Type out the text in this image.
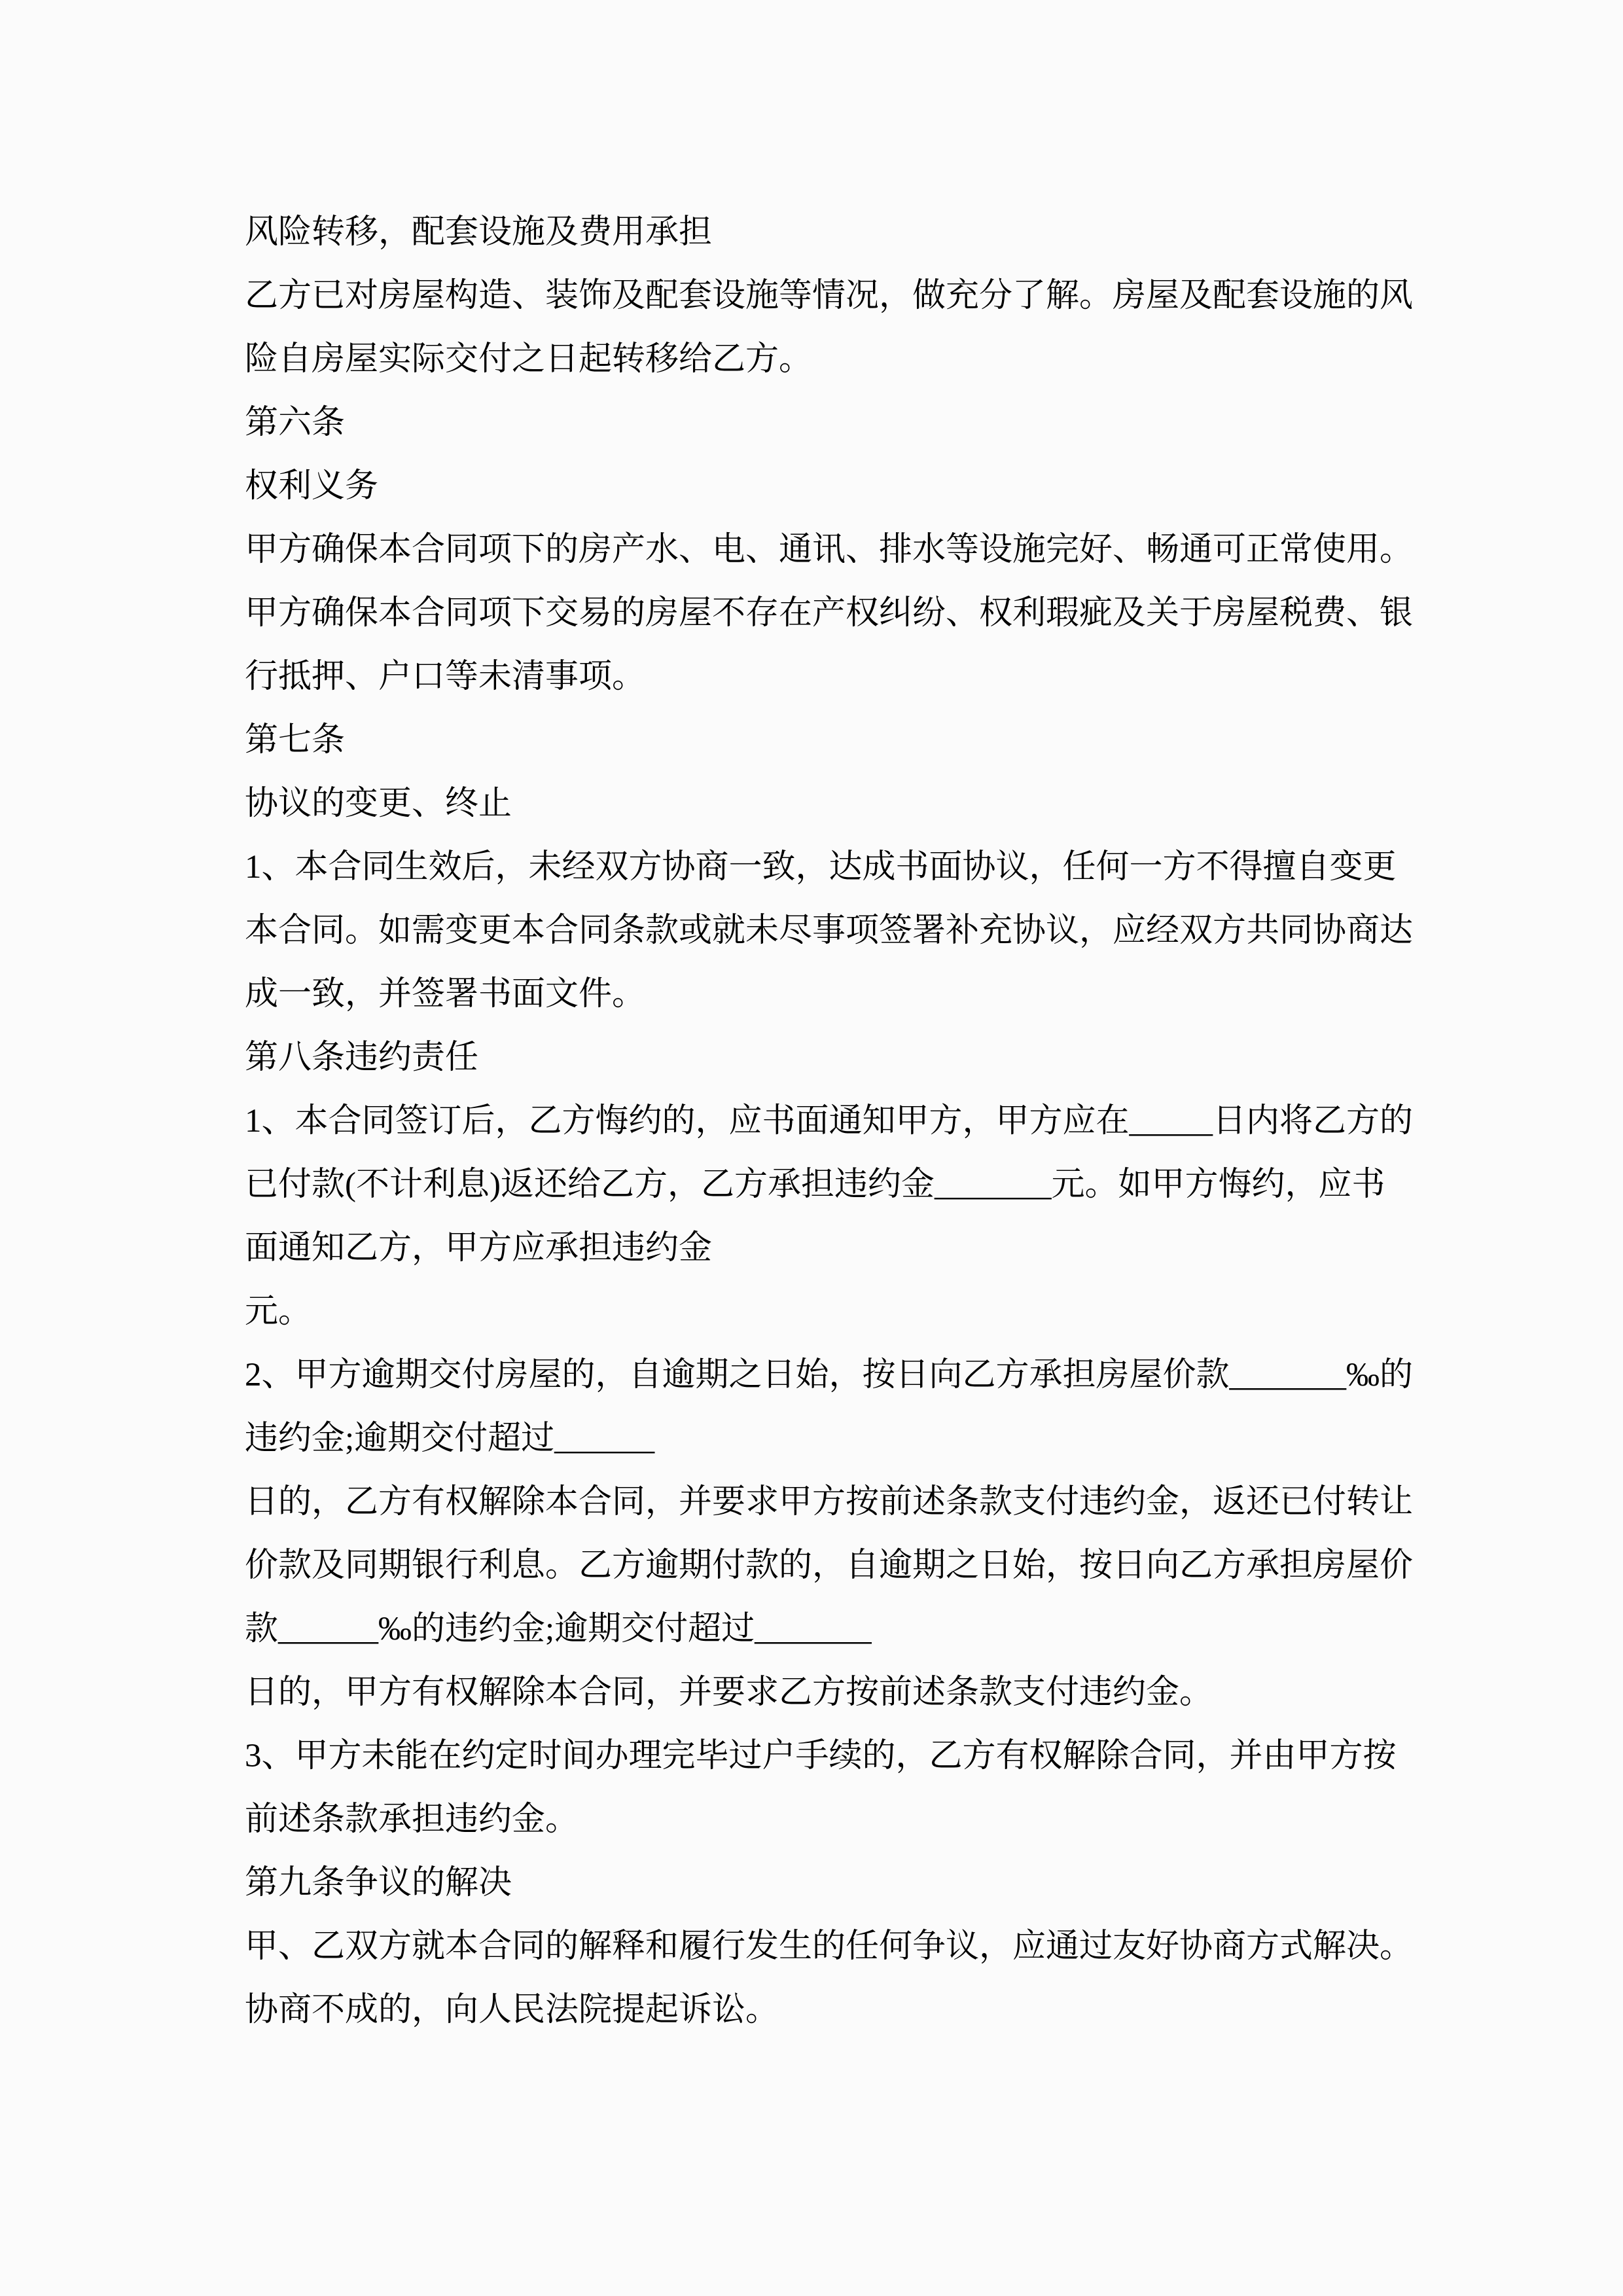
风险转移，配套设施及费用承担
乙方已对房屋构造、装饰及配套设施等情况，做充分了解。房屋及配套设施的风
险自房屋实际交付之日起转移给乙方。
第六条
权利义务
甲方确保本合同项下的房产水、电、通讯、排水等设施完好、畅通可正常使用。
甲方确保本合同项下交易的房屋不存在产权纠纷、权利瑕疵及关于房屋税费、银
行抵押、户口等未清事项。
第七条
协议的变更、终止
1、本合同生效后，未经双方协商一致，达成书面协议，任何一方不得擅自变更
本合同。如需变更本合同条款或就未尽事项签署补充协议，应经双方共同协商达
成一致，并签署书面文件。
第八条违约责任
1、本合同签订后，乙方悔约的，应书面通知甲方，甲方应在_____日内将乙方的
已付款(不计利息)返还给乙方，乙方承担违约金_______元。如甲方悔约，应书
面通知乙方，甲方应承担违约金
元。
2、甲方逾期交付房屋的，自逾期之日始，按日向乙方承担房屋价款_______‰的
违约金;逾期交付超过______
日的，乙方有权解除本合同，并要求甲方按前述条款支付违约金，返还已付转让
价款及同期银行利息。乙方逾期付款的，自逾期之日始，按日向乙方承担房屋价
款______‰的违约金;逾期交付超过_______
日的，甲方有权解除本合同，并要求乙方按前述条款支付违约金。
3、甲方未能在约定时间办理完毕过户手续的，乙方有权解除合同，并由甲方按
前述条款承担违约金。
第九条争议的解决
甲、乙双方就本合同的解释和履行发生的任何争议，应通过友好协商方式解决。
协商不成的，向人民法院提起诉讼。
